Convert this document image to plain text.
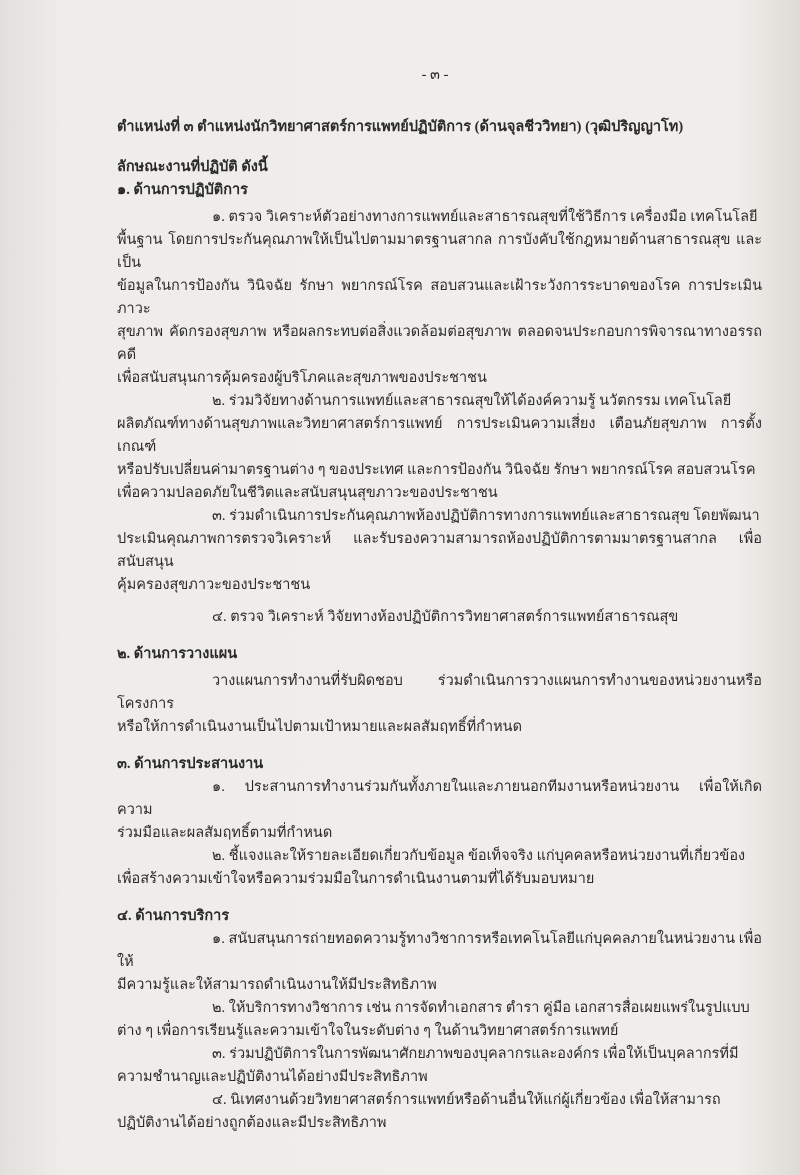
- ๓ -
ตำแหน่งที่ ๓ ตำแหน่งนักวิทยาศาสตร์การแพทย์ปฏิบัติการ (ด้านจุลชีววิทยา) (วุฒิปริญญาโท)
ลักษณะงานที่ปฏิบัติ ดังนี้
๑. ด้านการปฏิบัติการ
๑. ตรวจ วิเคราะห์ตัวอย่างทางการแพทย์และสาธารณสุขที่ใช้วิธีการ เครื่องมือ เทคโนโลยี
พื้นฐาน โดยการประกันคุณภาพให้เป็นไปตามมาตรฐานสากล การบังคับใช้กฎหมายด้านสาธารณสุข และเป็น
ข้อมูลในการป้องกัน วินิจฉัย รักษา พยากรณ์โรค สอบสวนและเฝ้าระวังการระบาดของโรค การประเมินภาวะ
สุขภาพ คัดกรองสุขภาพ หรือผลกระทบต่อสิ่งแวดล้อมต่อสุขภาพ ตลอดจนประกอบการพิจารณาทางอรรถคดี
เพื่อสนับสนุนการคุ้มครองผู้บริโภคและสุขภาพของประชาชน
๒. ร่วมวิจัยทางด้านการแพทย์และสาธารณสุขให้ได้องค์ความรู้ นวัตกรรม เทคโนโลยี
ผลิตภัณฑ์ทางด้านสุขภาพและวิทยาศาสตร์การแพทย์ การประเมินความเสี่ยง เตือนภัยสุขภาพ การตั้งเกณฑ์
หรือปรับเปลี่ยนค่ามาตรฐานต่าง ๆ ของประเทศ และการป้องกัน วินิจฉัย รักษา พยากรณ์โรค สอบสวนโรค
เพื่อความปลอดภัยในชีวิตและสนับสนุนสุขภาวะของประชาชน
๓. ร่วมดำเนินการประกันคุณภาพห้องปฏิบัติการทางการแพทย์และสาธารณสุข โดยพัฒนา
ประเมินคุณภาพการตรวจวิเคราะห์ และรับรองความสามารถห้องปฏิบัติการตามมาตรฐานสากล เพื่อสนับสนุน
คุ้มครองสุขภาวะของประชาชน
๔. ตรวจ วิเคราะห์ วิจัยทางห้องปฏิบัติการวิทยาศาสตร์การแพทย์สาธารณสุข
๒. ด้านการวางแผน
วางแผนการทำงานที่รับผิดชอบ ร่วมดำเนินการวางแผนการทำงานของหน่วยงานหรือโครงการ
หรือให้การดำเนินงานเป็นไปตามเป้าหมายและผลสัมฤทธิ์ที่กำหนด
๓. ด้านการประสานงาน
๑. ประสานการทำงานร่วมกันทั้งภายในและภายนอกทีมงานหรือหน่วยงาน เพื่อให้เกิดความ
ร่วมมือและผลสัมฤทธิ์ตามที่กำหนด
๒. ชี้แจงและให้รายละเอียดเกี่ยวกับข้อมูล ข้อเท็จจริง แก่บุคคลหรือหน่วยงานที่เกี่ยวข้อง
เพื่อสร้างความเข้าใจหรือความร่วมมือในการดำเนินงานตามที่ได้รับมอบหมาย
๔. ด้านการบริการ
๑. สนับสนุนการถ่ายทอดความรู้ทางวิชาการหรือเทคโนโลยีแก่บุคคลภายในหน่วยงาน เพื่อให้
มีความรู้และให้สามารถดำเนินงานให้มีประสิทธิภาพ
๒. ให้บริการทางวิชาการ เช่น การจัดทำเอกสาร ตำรา คู่มือ เอกสารสื่อเผยแพร่ในรูปแบบ
ต่าง ๆ เพื่อการเรียนรู้และความเข้าใจในระดับต่าง ๆ ในด้านวิทยาศาสตร์การแพทย์
๓. ร่วมปฏิบัติการในการพัฒนาศักยภาพของบุคลากรและองค์กร เพื่อให้เป็นบุคลากรที่มี
ความชำนาญและปฏิบัติงานได้อย่างมีประสิทธิภาพ
๔. นิเทศงานด้วยวิทยาศาสตร์การแพทย์หรือด้านอื่นให้แก่ผู้เกี่ยวข้อง เพื่อให้สามารถ
ปฏิบัติงานได้อย่างถูกต้องและมีประสิทธิภาพ
